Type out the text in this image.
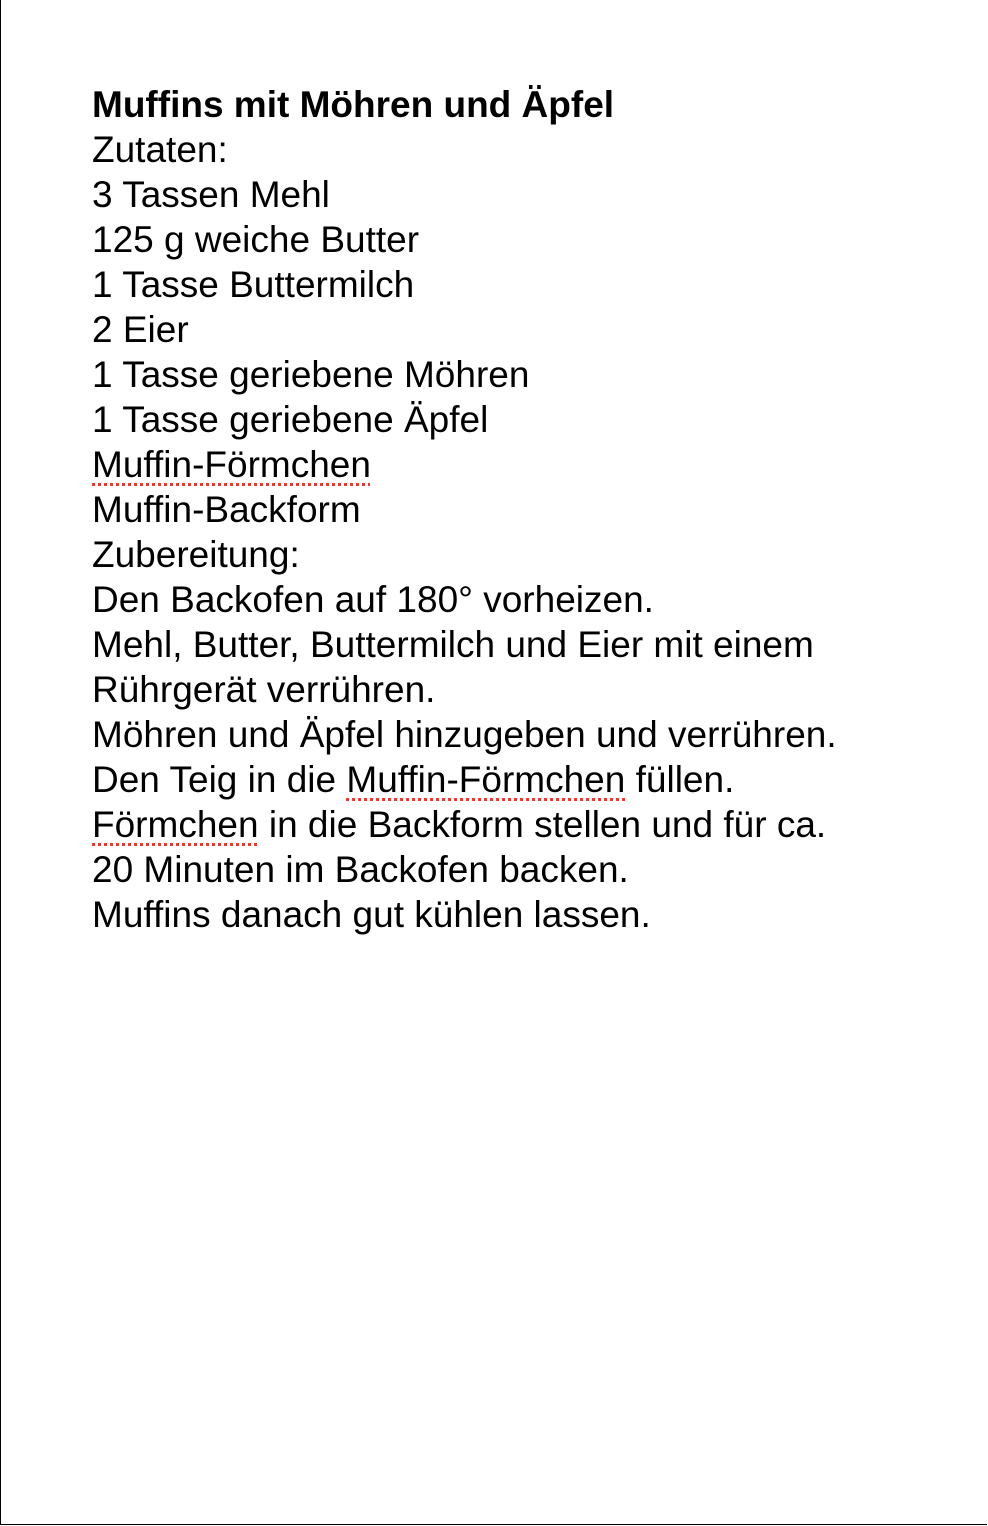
Muffins mit Möhren und Äpfel
Zutaten:
3 Tassen Mehl
125 g weiche Butter
1 Tasse Buttermilch
2 Eier
1 Tasse geriebene Möhren
1 Tasse geriebene Äpfel
Muffin-Förmchen
Muffin-Backform
Zubereitung:
Den Backofen auf 180° vorheizen.
Mehl, Butter, Buttermilch und Eier mit einem
Rührgerät verrühren.
Möhren und Äpfel hinzugeben und verrühren.
Den Teig in die Muffin-Förmchen füllen.
Förmchen in die Backform stellen und für ca.
20 Minuten im Backofen backen.
Muffins danach gut kühlen lassen.
